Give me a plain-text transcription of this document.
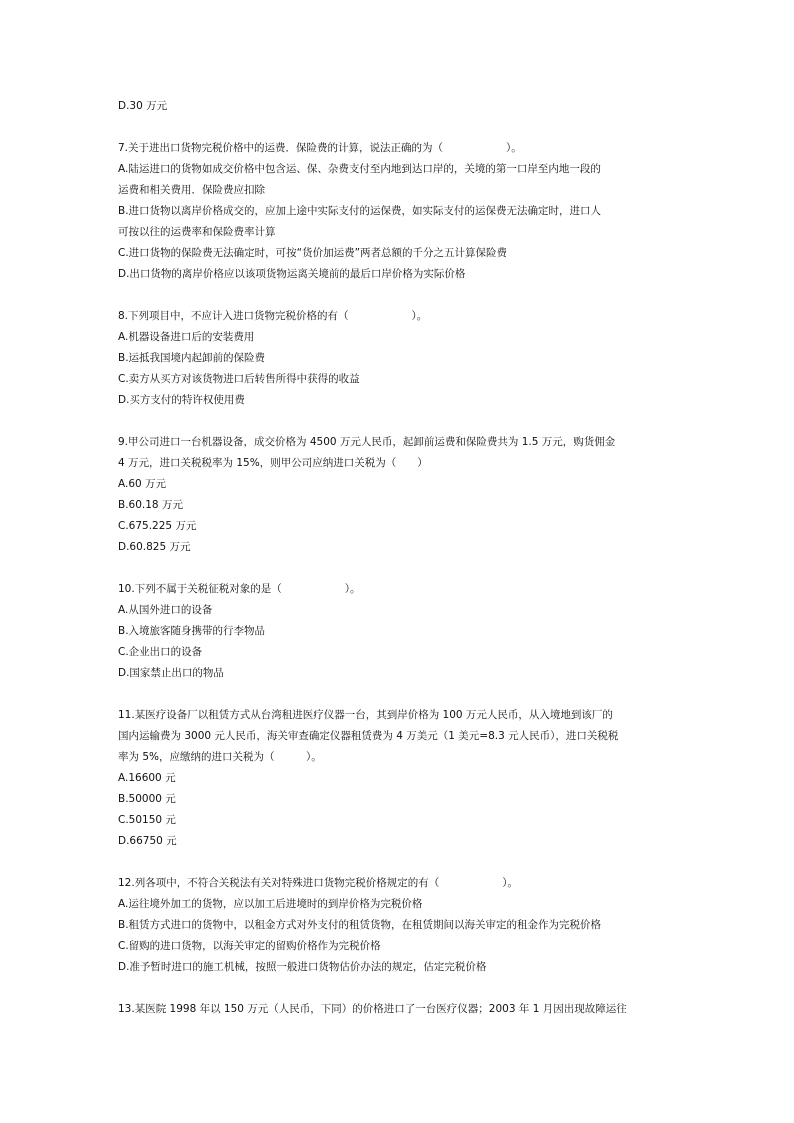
D.30 万元
7.关于进出口货物完税价格中的运费．保险费的计算，说法正确的为（　　　　　　）。
A.陆运进口的货物如成交价格中包含运、保、杂费支付至内地到达口岸的，关境的第一口岸至内地一段的
运费和相关费用．保险费应扣除
B.进口货物以离岸价格成交的，应加上途中实际支付的运保费，如实际支付的运保费无法确定时，进口人
可按以往的运费率和保险费率计算
C.进口货物的保险费无法确定时，可按“货价加运费”两者总额的千分之五计算保险费
D.出口货物的离岸价格应以该项货物运离关境前的最后口岸价格为实际价格
8.下列项目中，不应计入进口货物完税价格的有（　　　　　　）。
A.机器设备进口后的安装费用
B.运抵我国境内起卸前的保险费
C.卖方从买方对该货物进口后转售所得中获得的收益
D.买方支付的特许权使用费
9.甲公司进口一台机器设备，成交价格为 4500 万元人民币，起卸前运费和保险费共为 1.5 万元，购货佣金
4 万元，进口关税税率为 15%，则甲公司应纳进口关税为（　　）
A.60 万元
B.60.18 万元
C.675.225 万元
D.60.825 万元
10.下列不属于关税征税对象的是（　　　　　　）。
A.从国外进口的设备
B.入境旅客随身携带的行李物品
C.企业出口的设备
D.国家禁止出口的物品
11.某医疗设备厂以租赁方式从台湾租进医疗仪器一台，其到岸价格为 100 万元人民币，从入境地到该厂的
国内运输费为 3000 元人民币，海关审查确定仪器租赁费为 4 万美元（1 美元=8.3 元人民币），进口关税税
率为 5%，应缴纳的进口关税为（　　　）。
A.16600 元
B.50000 元
C.50150 元
D.66750 元
12.列各项中，不符合关税法有关对特殊进口货物完税价格规定的有（　　　　　　）。
A.运往境外加工的货物，应以加工后进境时的到岸价格为完税价格
B.租赁方式进口的货物中，以租金方式对外支付的租赁货物，在租赁期间以海关审定的租金作为完税价格
C.留购的进口货物，以海关审定的留购价格作为完税价格
D.准予暂时进口的施工机械，按照一般进口货物估价办法的规定，估定完税价格
13.某医院 1998 年以 150 万元（人民币，下同）的价格进口了一台医疗仪器；2003 年 1 月因出现故障运往
